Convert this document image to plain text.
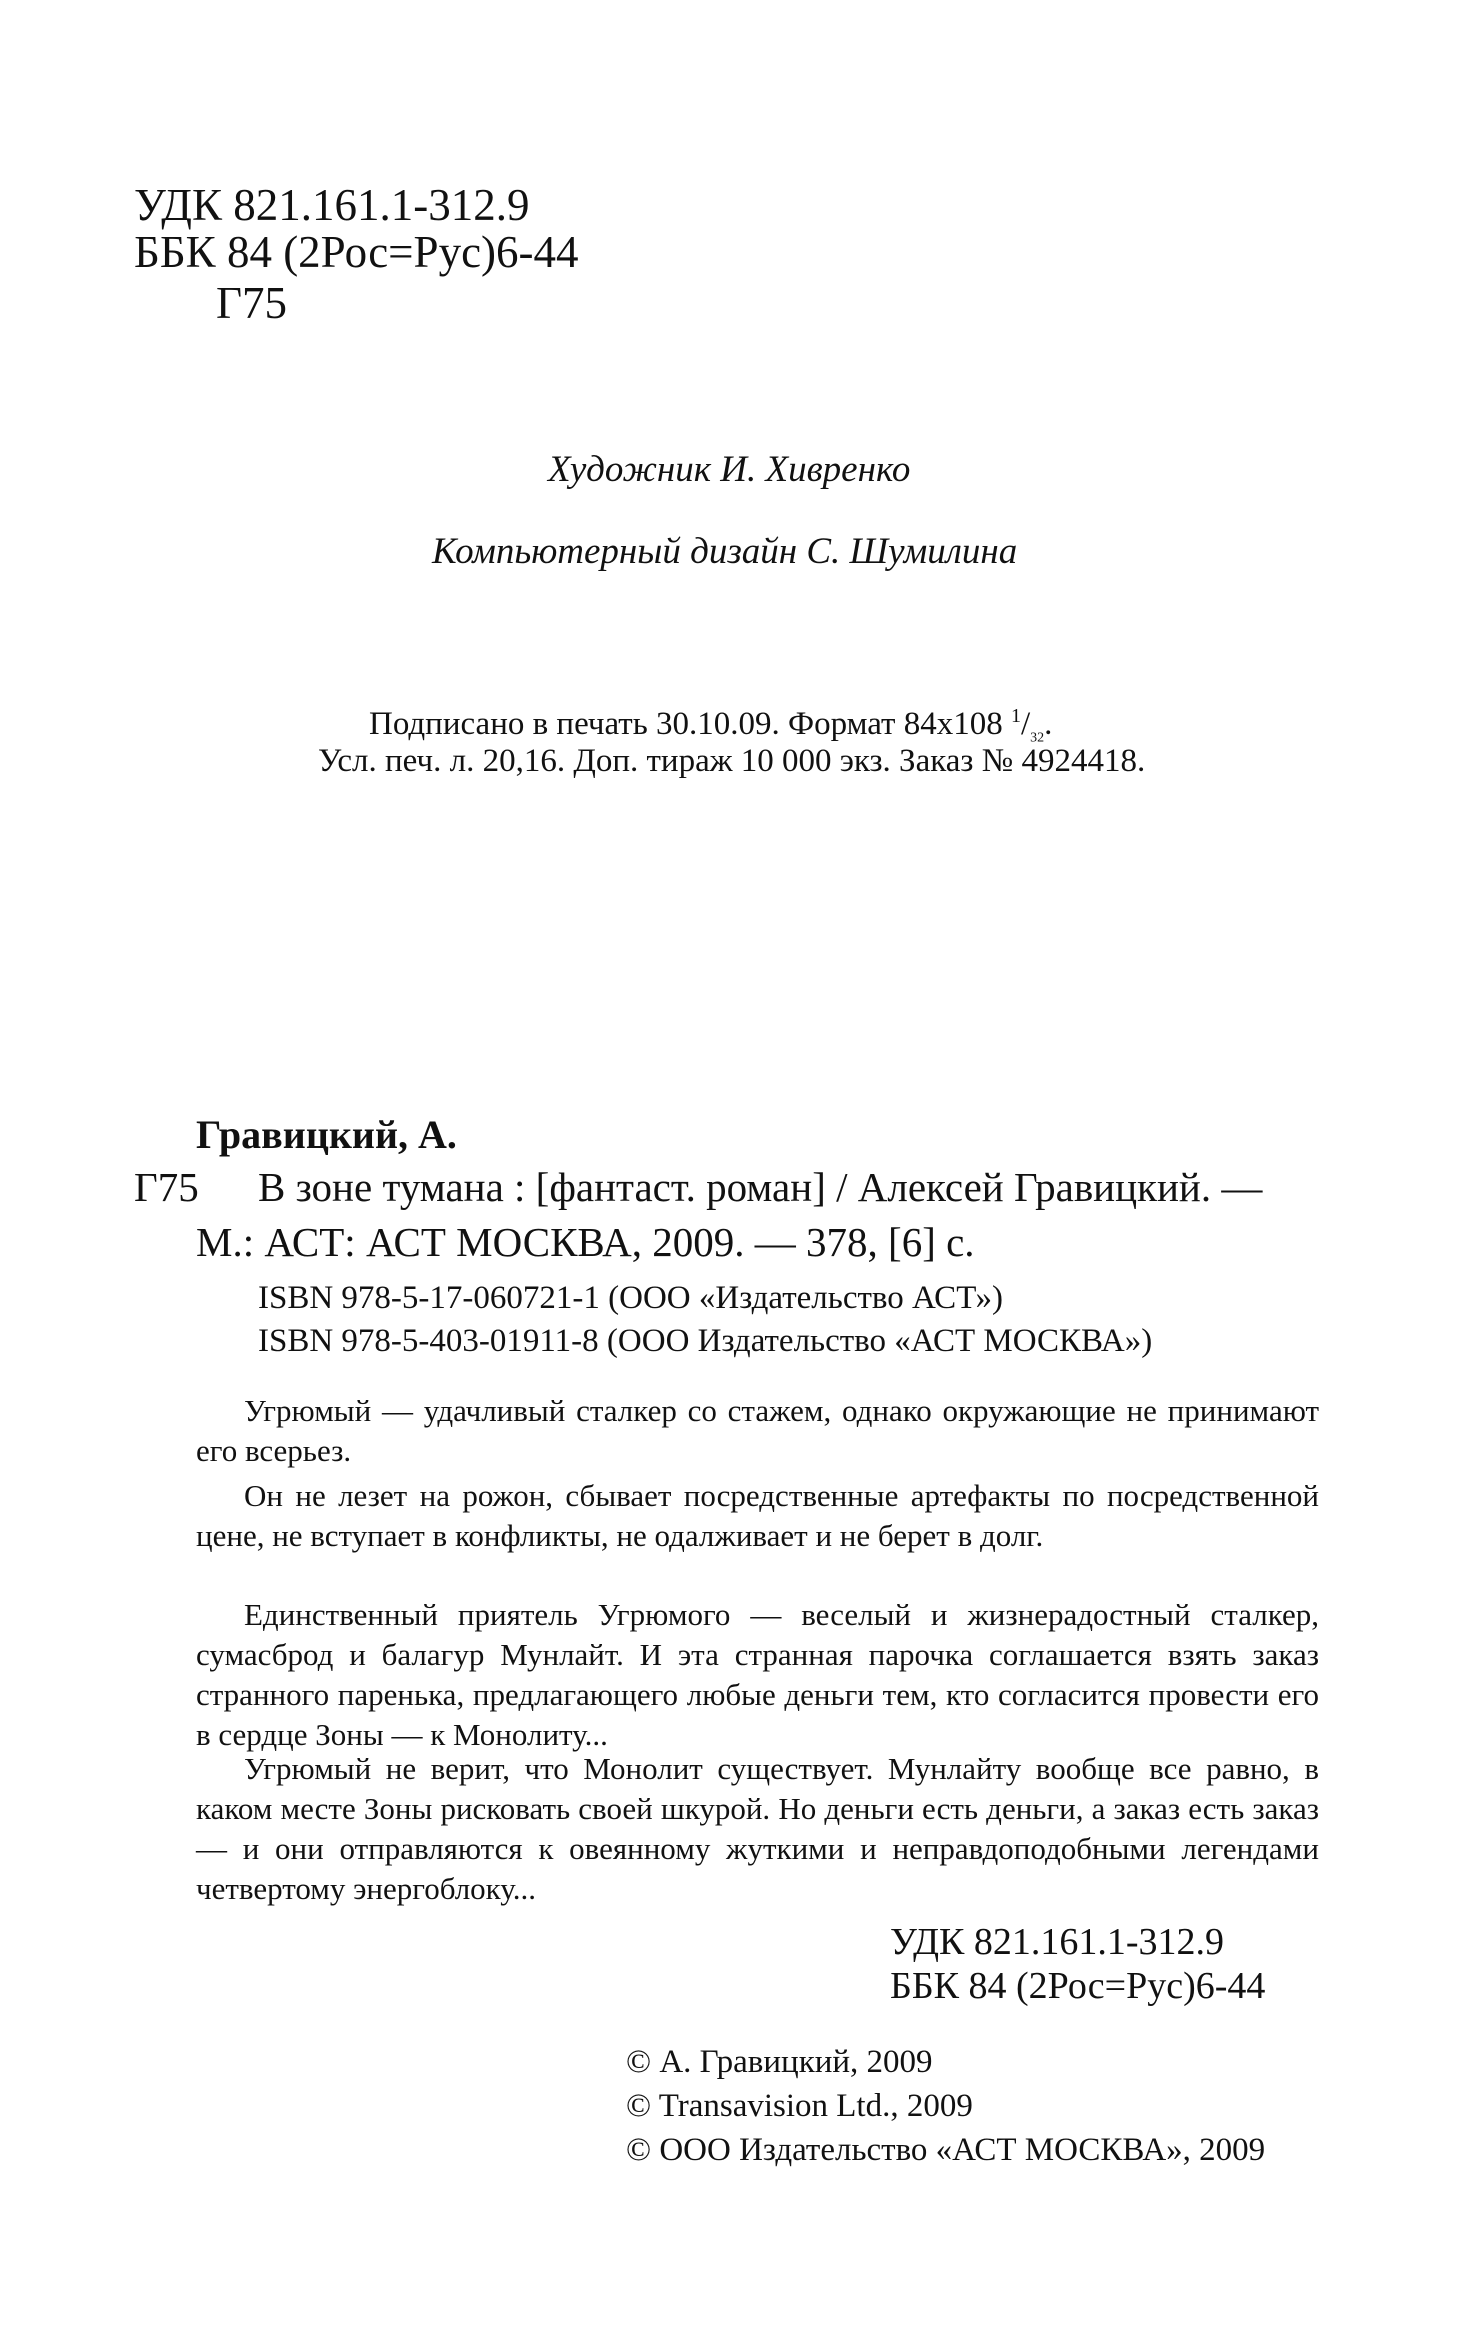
УДК 821.161.1-312.9
ББК 84 (2Рос=Рус)6-44
Г75
Художник И. Хивренко
Компьютерный дизайн С. Шумилина
Подписано в печать 30.10.09. Формат 84x108 $^1/_{32}$.
Усл. печ. л. 20,16. Доп. тираж 10 000 экз. Заказ № 4924418.
Гравицкий, А.
Г75 В зоне тумана : [фантаст. роман] / Алексей Гравицкий. —
М.: АСТ: АСТ МОСКВА, 2009. — 378, [6] с.
ISBN 978-5-17-060721-1 (ООО «Издательство АСТ»)
ISBN 978-5-403-01911-8 (ООО Издательство «АСТ МОСКВА»)

Угрюмый — удачливый сталкер со стажем, однако окружающие не принимают его всерьез.

Он не лезет на рожон, сбывает посредственные артефакты по посредственной цене, не вступает в конфликты, не одалживает и не берет в долг.

Единственный приятель Угрюмого — веселый и жизнерадостный сталкер, сумасброд и балагур Мунлайт. И эта странная парочка соглашается взять заказ странного паренька, предлагающего любые деньги тем, кто согласится провести его в сердце Зоны — к Монолиту...

Угрюмый не верит, что Монолит существует. Мунлайту вообще все равно, в каком месте Зоны рисковать своей шкурой. Но деньги есть деньги, а заказ есть заказ — и они отправляются к овеянному жуткими и неправдоподобными легендами четвертому энергоблоку...

УДК 821.161.1-312.9
ББК 84 (2Рос=Рус)6-44
© А. Гравицкий, 2009
© Transavision Ltd., 2009
© ООО Издательство «АСТ МОСКВА», 2009
